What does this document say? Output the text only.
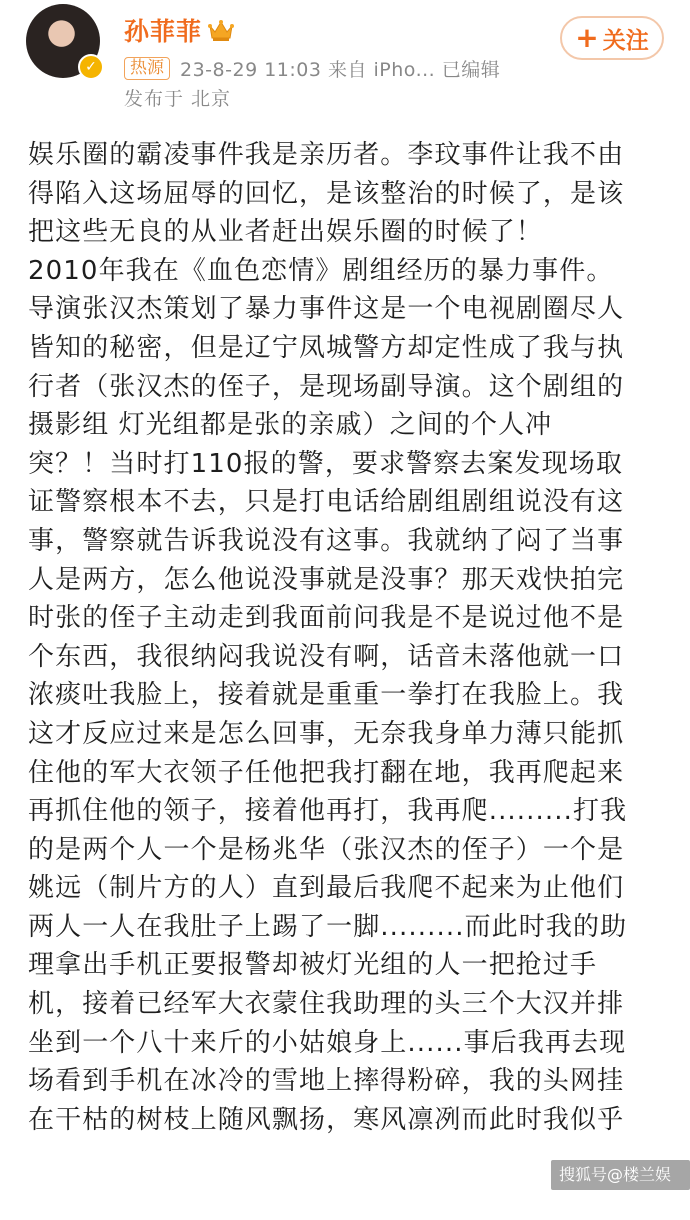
✓
孙菲菲
热源 23-8-29 11:03 来自 iPho... 已编辑
发布于 北京
+ 关注
娱乐圈的霸凌事件我是亲历者。李玟事件让我不由
得陷入这场屈辱的回忆，是该整治的时候了，是该
把这些无良的从业者赶出娱乐圈的时候了！
2010年我在《血色恋情》剧组经历的暴力事件。
导演张汉杰策划了暴力事件这是一个电视剧圈尽人
皆知的秘密，但是辽宁凤城警方却定性成了我与执
行者（张汉杰的侄子，是现场副导演。这个剧组的
摄影组 灯光组都是张的亲戚）之间的个人冲
突？！当时打110报的警，要求警察去案发现场取
证警察根本不去，只是打电话给剧组剧组说没有这
事，警察就告诉我说没有这事。我就纳了闷了当事
人是两方，怎么他说没事就是没事？那天戏快拍完
时张的侄子主动走到我面前问我是不是说过他不是
个东西，我很纳闷我说没有啊，话音未落他就一口
浓痰吐我脸上，接着就是重重一拳打在我脸上。我
这才反应过来是怎么回事，无奈我身单力薄只能抓
住他的军大衣领子任他把我打翻在地，我再爬起来
再抓住他的领子，接着他再打，我再爬.........打我
的是两个人一个是杨兆华（张汉杰的侄子）一个是
姚远（制片方的人）直到最后我爬不起来为止他们
两人一人在我肚子上踢了一脚.........而此时我的助
理拿出手机正要报警却被灯光组的人一把抢过手
机，接着已经军大衣蒙住我助理的头三个大汉并排
坐到一个八十来斤的小姑娘身上......事后我再去现
场看到手机在冰冷的雪地上摔得粉碎，我的头网挂
在干枯的树枝上随风飘扬，寒风凛冽而此时我似乎
搜狐号@楼兰娱姐
